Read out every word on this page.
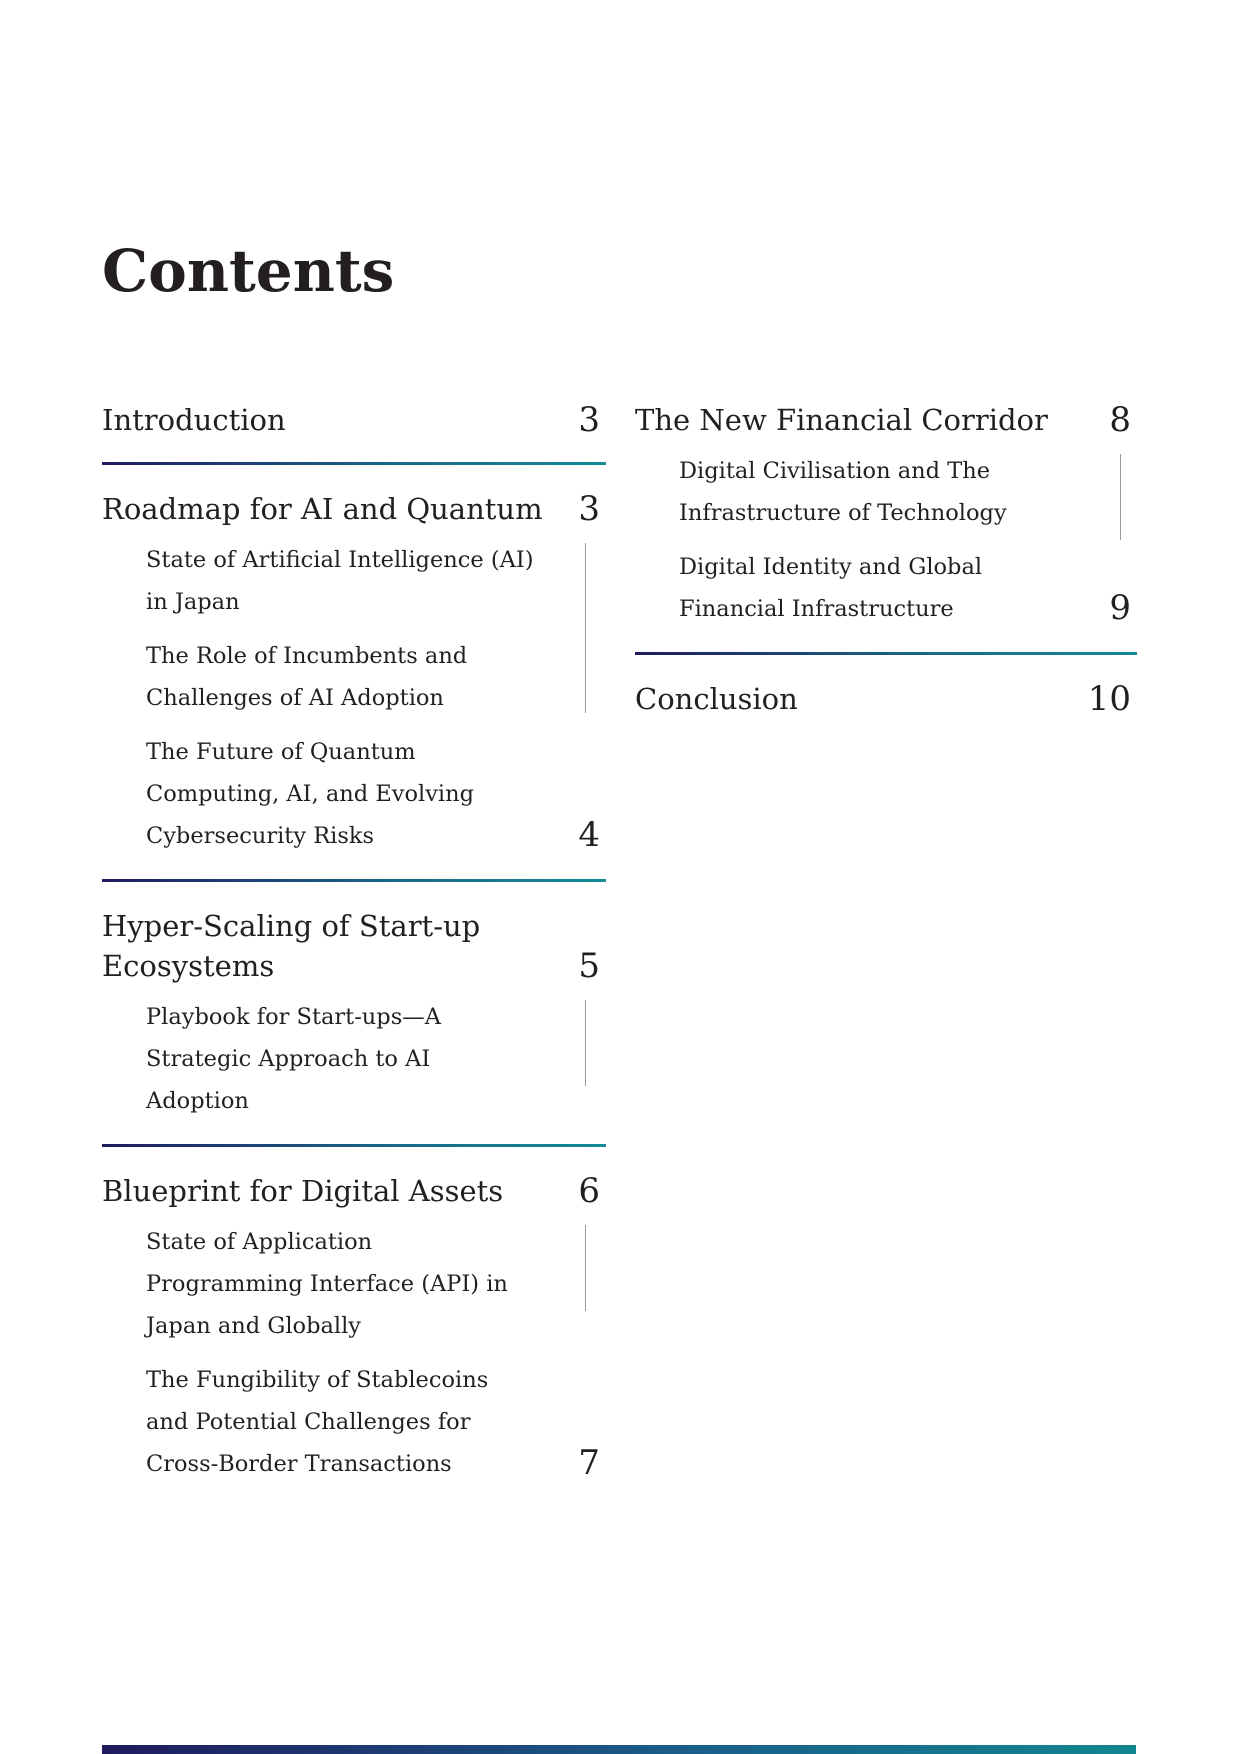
Contents
Introduction	3
Roadmap for AI and Quantum	3
State of Artificial Intelligence (AI) in Japan
The Role of Incumbents and Challenges of AI Adoption
The Future of Quantum Computing, AI, and Evolving Cybersecurity Risks	4
Hyper-Scaling of Start-up Ecosystems	5
Playbook for Start-ups—A Strategic Approach to AI Adoption
Blueprint for Digital Assets	6
State of Application Programming Interface (API) in Japan and Globally
The Fungibility of Stablecoins and Potential Challenges for Cross-Border Transactions	7
The New Financial Corridor	8
Digital Civilisation and The Infrastructure of Technology
Digital Identity and Global Financial Infrastructure	9
Conclusion	10
